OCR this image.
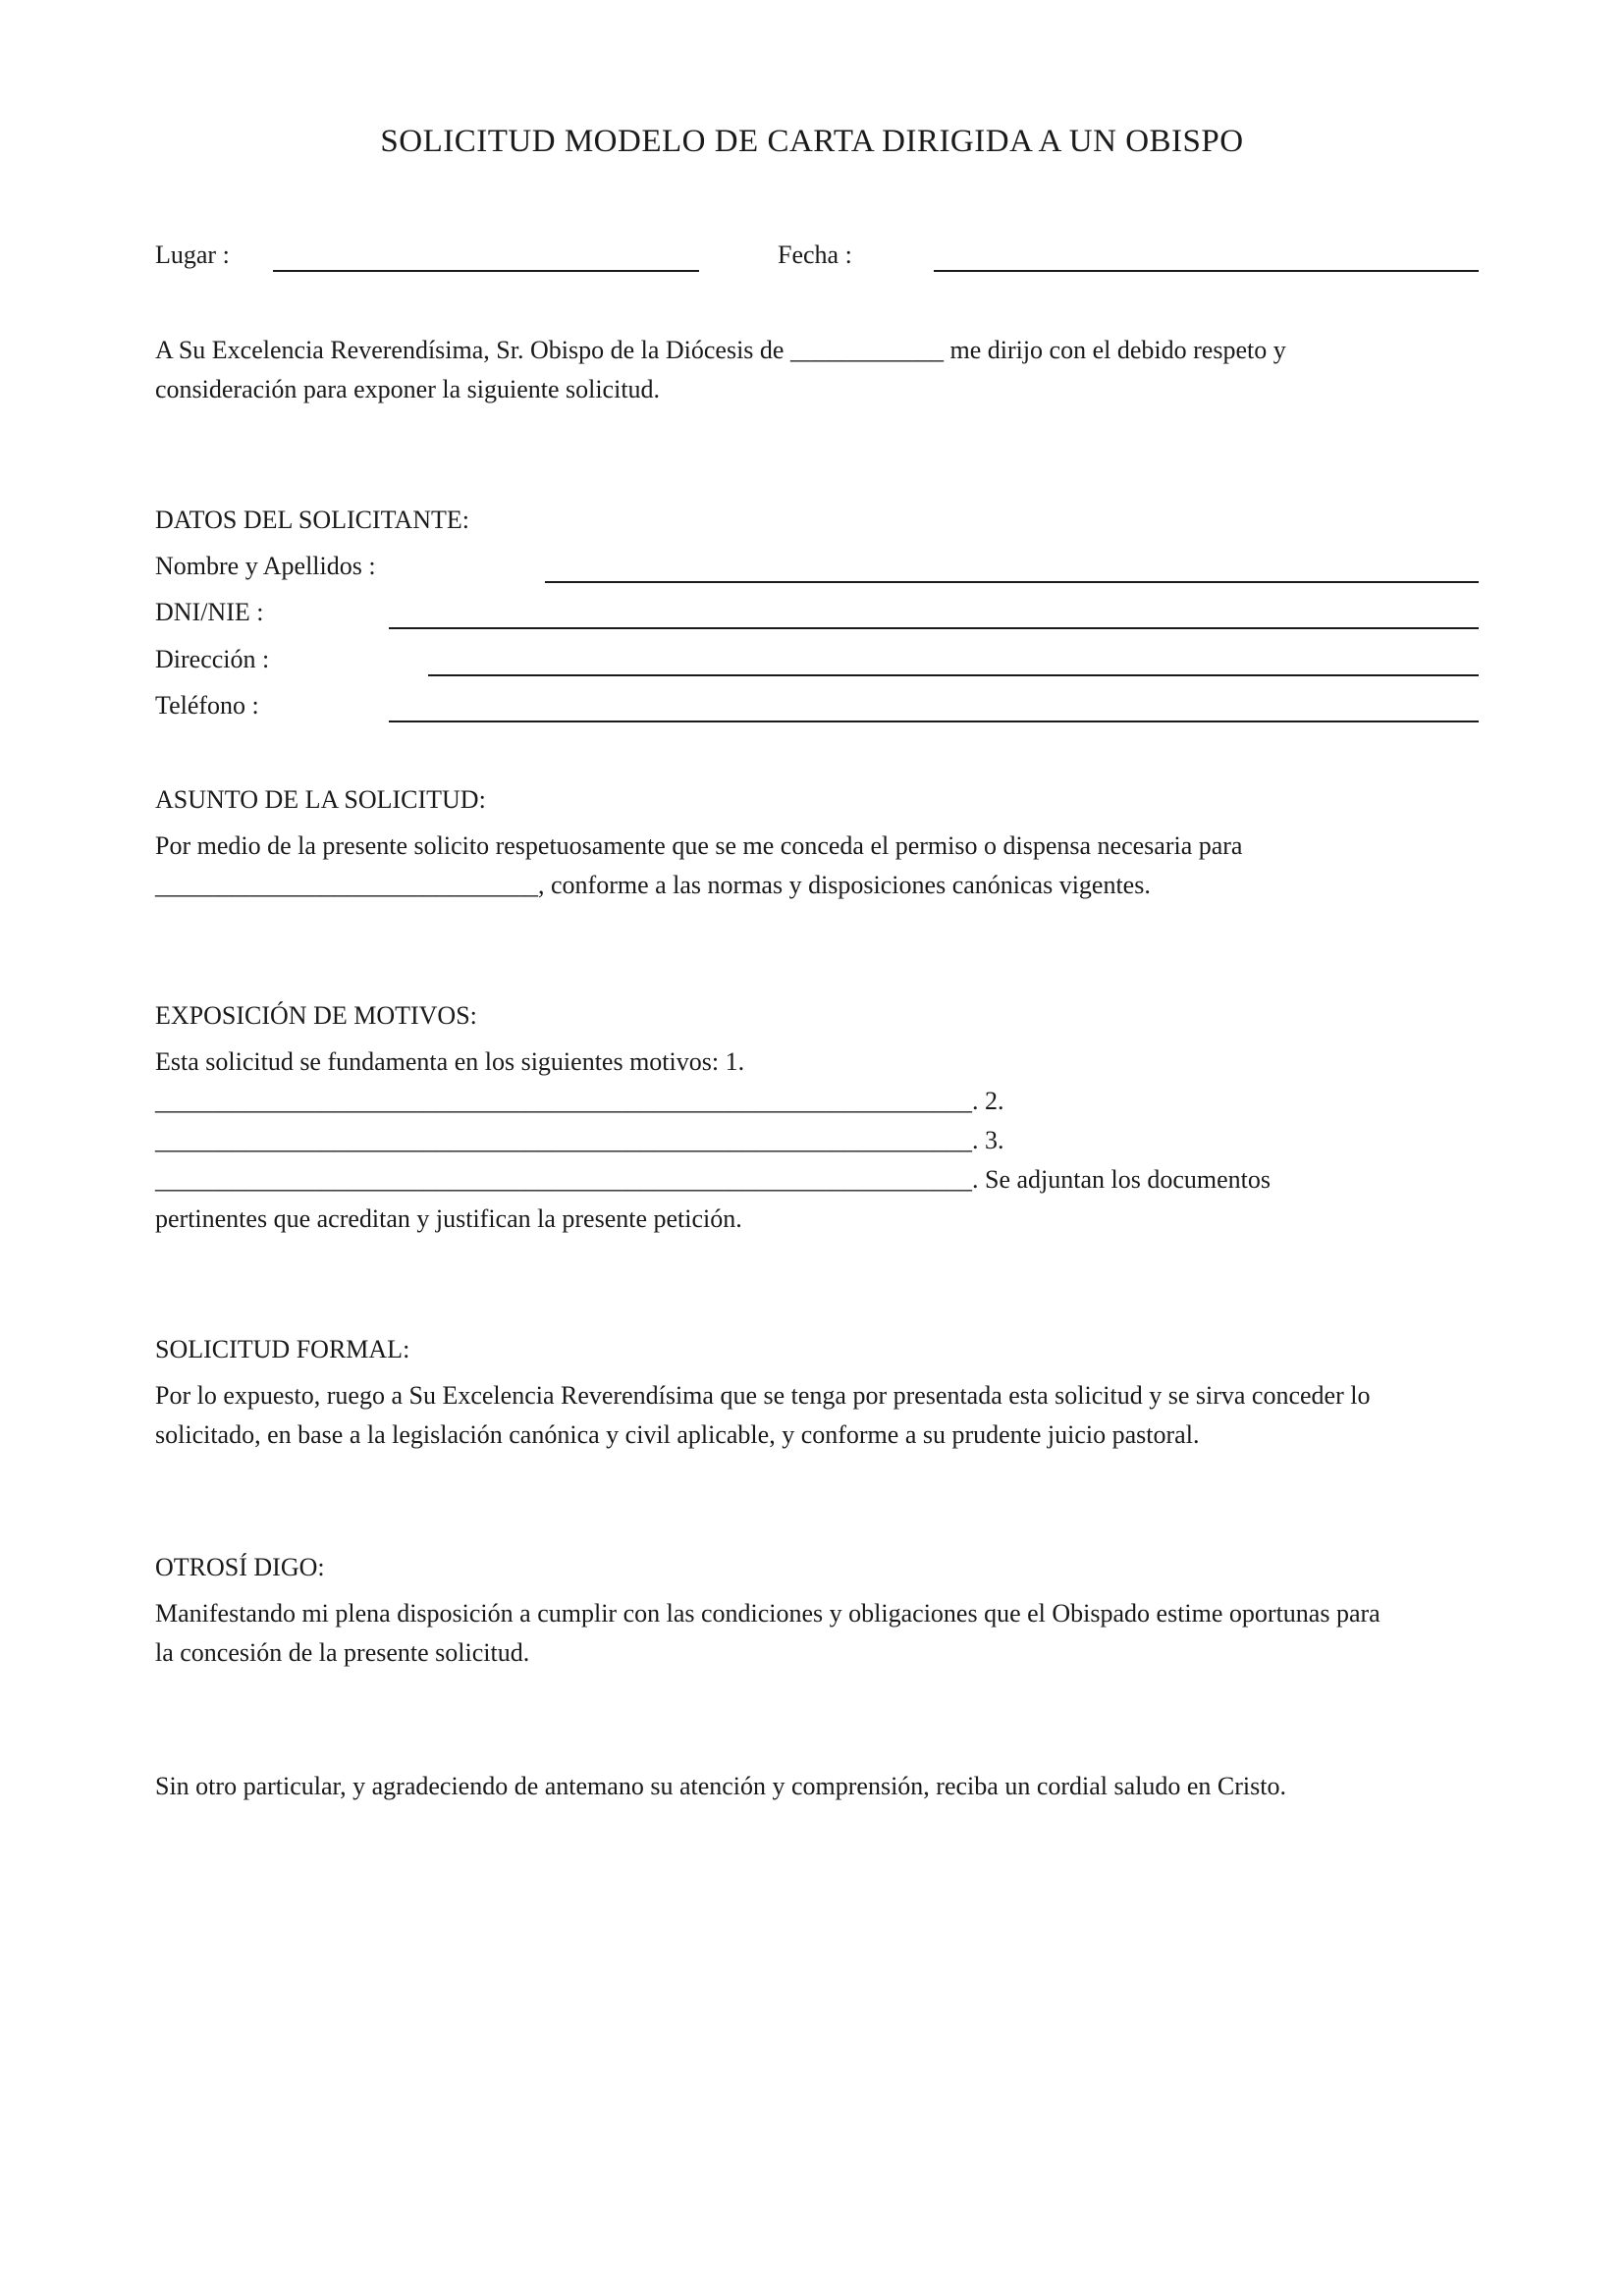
SOLICITUD MODELO DE CARTA DIRIGIDA A UN OBISPO
Lugar :	Fecha :
A Su Excelencia Reverendísima, Sr. Obispo de la Diócesis de ____________ me dirijo con el debido respeto y
consideración para exponer la siguiente solicitud.
DATOS DEL SOLICITANTE:
Nombre y Apellidos :
DNI/NIE :
Dirección :
Teléfono :
ASUNTO DE LA SOLICITUD:
Por medio de la presente solicito respetuosamente que se me conceda el permiso o dispensa necesaria para
______________________________, conforme a las normas y disposiciones canónicas vigentes.
EXPOSICIÓN DE MOTIVOS:
Esta solicitud se fundamenta en los siguientes motivos: 1.
________________________________________________________________. 2.
________________________________________________________________. 3.
________________________________________________________________. Se adjuntan los documentos
pertinentes que acreditan y justifican la presente petición.
SOLICITUD FORMAL:
Por lo expuesto, ruego a Su Excelencia Reverendísima que se tenga por presentada esta solicitud y se sirva conceder lo
solicitado, en base a la legislación canónica y civil aplicable, y conforme a su prudente juicio pastoral.
OTROSÍ DIGO:
Manifestando mi plena disposición a cumplir con las condiciones y obligaciones que el Obispado estime oportunas para
la concesión de la presente solicitud.
Sin otro particular, y agradeciendo de antemano su atención y comprensión, reciba un cordial saludo en Cristo.
